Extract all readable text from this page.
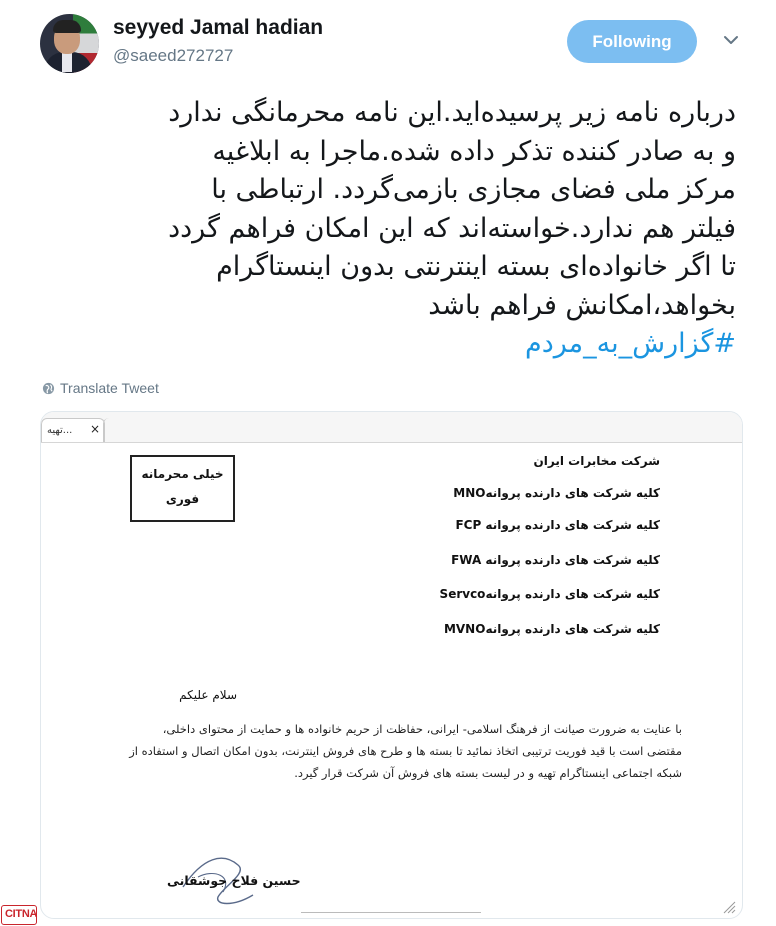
seyyed Jamal hadian
@saeed272727
Following

درباره نامه زیر پرسیده‌اید.این نامه محرمانگی ندارد

و به صادر کننده تذکر داده شده.ماجرا به ابلاغیه

مرکز ملی فضای مجازی بازمی‌گردد. ارتباطی با

فیلتر هم ندارد.خواسته‌اند که این امکان فراهم گردد

تا اگر خانواده‌ای بسته اینترنتی بدون اینستاگرام

بخواهد،امکانش فراهم باشد

#گزارش_به_مردم

Translate Tweet
...تهیه ×
خیلی محرمانه
فوری
شرکت مخابرات ایران
کلیه شرکت های دارنده پروانهMNO
کلیه شرکت های دارنده پروانه FCP
کلیه شرکت های دارنده پروانه FWA
کلیه شرکت های دارنده پروانهServco
کلیه شرکت های دارنده پروانهMVNO
سلام علیکم

با عنایت به ضرورت صیانت از فرهنگ اسلامی- ایرانی، حفاظت از حریم خانواده ها و حمایت از محتوای داخلی،

مقتضی است با قید فوریت ترتیبی اتخاذ نمائید تا بسته ها و طرح های فروش اینترنت، بدون امکان اتصال و استفاده از

شبکه اجتماعی اینستاگرام تهیه و در لیست بسته های فروش آن شرکت قرار گیرد.

حسین فلاح جوشقانی
CITNA
